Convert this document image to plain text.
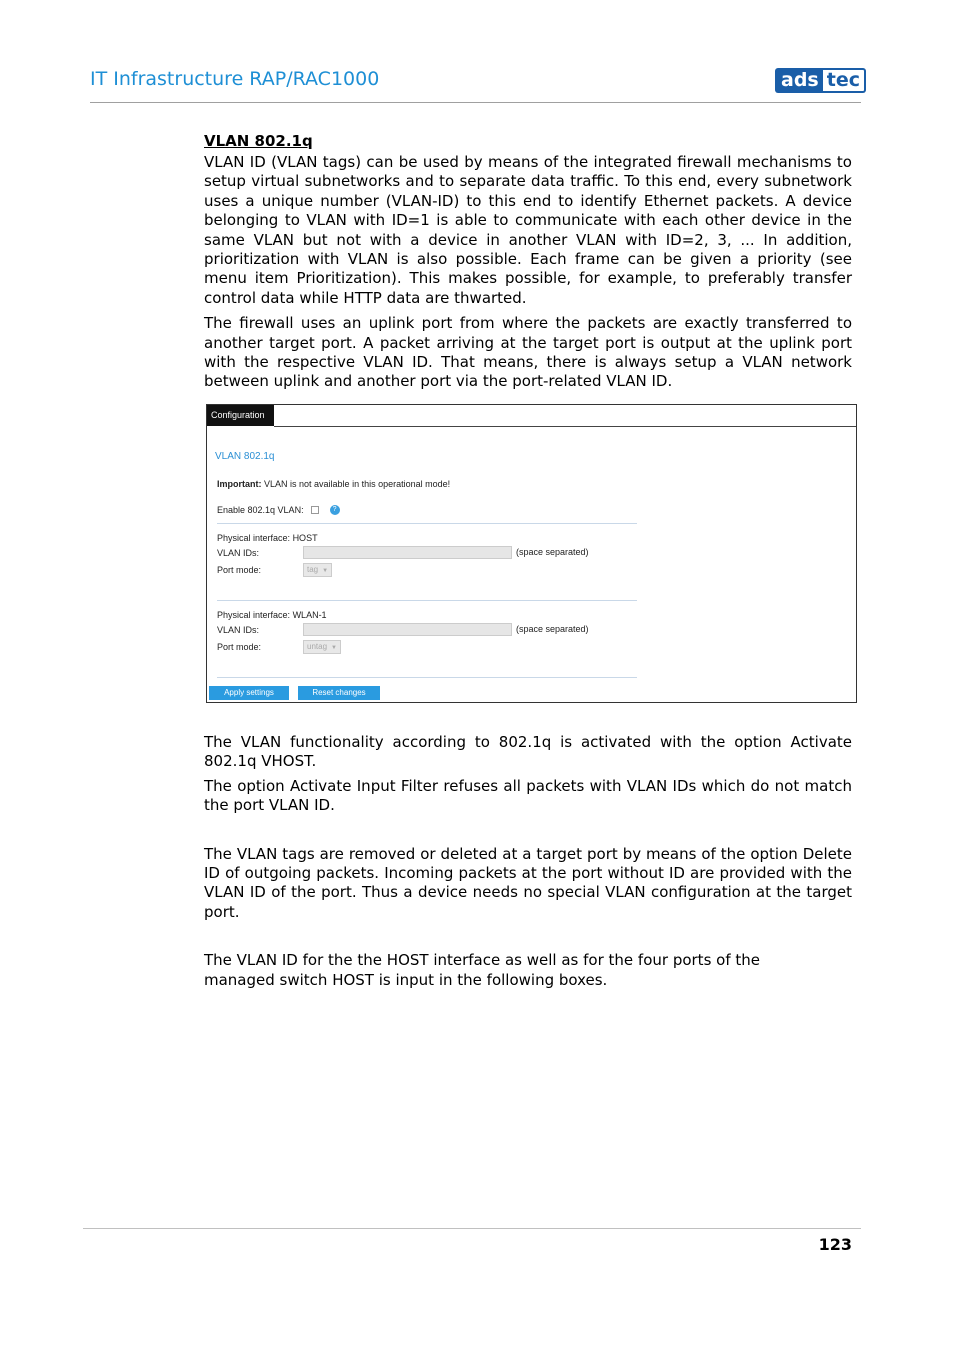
IT Infrastructure RAP/RAC1000	ads tec
VLAN 802.1q

VLAN ID (VLAN tags) can be used by means of the integrated firewall mechanisms to setup virtual subnetworks and to separate data traffic. To this end, every subnetwork uses a unique number (VLAN-ID) to this end to identify Ethernet packets. A device belonging to VLAN with ID=1 is able to communicate with each other device in the same VLAN but not with a device in another VLAN with ID=2, 3, ... In addition, prioritization with VLAN is also possible. Each frame can be given a priority (see menu item Prioritization). This makes possible, for example, to preferably transfer control data while HTTP data are thwarted.

The firewall uses an uplink port from where the packets are exactly transferred to another target port. A packet arriving at the target port is output at the uplink port with the respective VLAN ID. That means, there is always setup a VLAN network between uplink and another port via the port-related VLAN ID.

Configuration
VLAN 802.1q
Important: VLAN is not available in this operational mode!
Enable 802.1q VLAN:	?
Physical interface: HOST
VLAN IDs:	(space separated)
Port mode:	tag ▼
Physical interface: WLAN-1
VLAN IDs:	(space separated)
Port mode:	untag ▼
Apply settings	Reset changes

The VLAN functionality according to 802.1q is activated with the option Activate 802.1q VHOST.

The option Activate Input Filter refuses all packets with VLAN IDs which do not match the port VLAN ID.

The VLAN tags are removed or deleted at a target port by means of the option Delete ID of outgoing packets. Incoming packets at the port without ID are provided with the VLAN ID of the port. Thus a device needs no special VLAN configuration at the target port.

The VLAN ID for the the HOST interface as well as for the four ports of the managed switch HOST is input in the following boxes.

123
